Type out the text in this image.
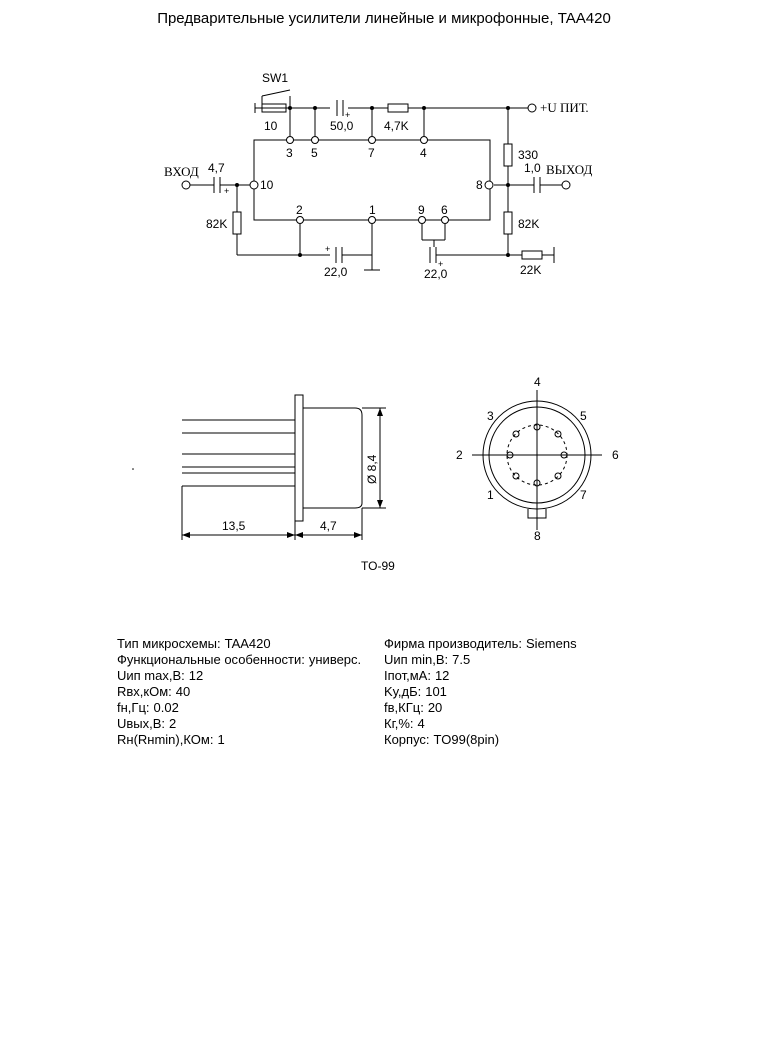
Предварительные усилители линейные и микрофонные, TAA420
+
+
+
+
SW1
10	50,0	4,7K
+U ПИТ.
ВХОД 4,7
82K
330
1,0 ВЫХОД
82K
22K
22,0	22,0
3 5	7	4
10	8
2	1	9 6
13,5	4,7
Ø 8,4
TO-99
4
3	5
2	6
1	7
8
Тип микросхемы: TAA420
Функциональные особенности: универс.
Uип max,В: 12
Rвх,кОм: 40
fн,Гц: 0.02
Uвых,В: 2
Rн(Rнmin),КОм: 1
Фирма производитель: Siemens
Uип min,В: 7.5
Iпот,мА: 12
Kу,дБ: 101
fв,КГц: 20
Кг,%: 4
Корпус: TO99(8pin)
